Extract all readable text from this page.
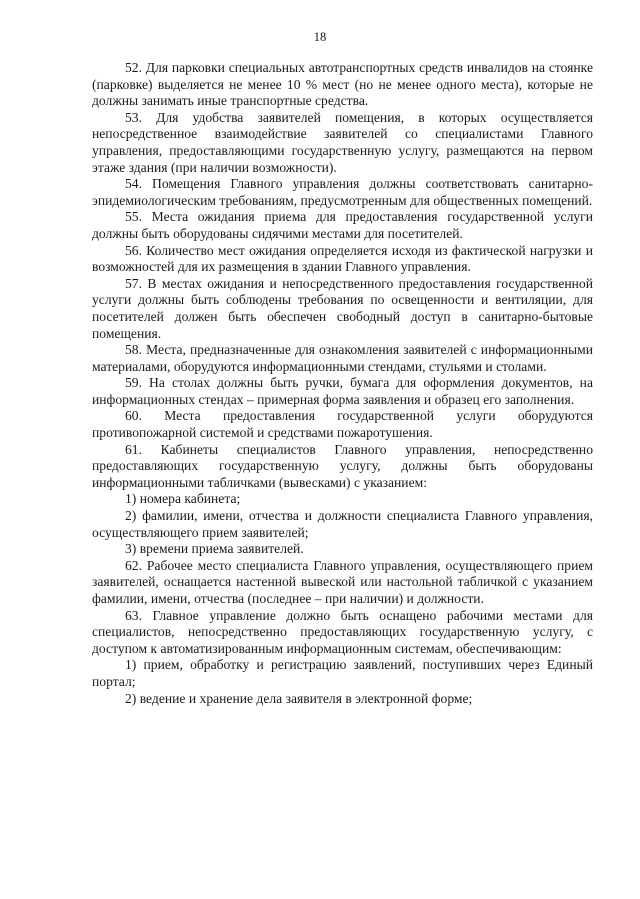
18

52. Для парковки специальных автотранспортных средств инвалидов на стоянке (парковке) выделяется не менее 10 % мест (но не менее одного места), которые не должны занимать иные транспортные средства.

53. Для удобства заявителей помещения, в которых осуществляется непосредственное взаимодействие заявителей со специалистами Главного управления, предоставляющими государственную услугу, размещаются на первом этаже здания (при наличии возможности).

54. Помещения Главного управления должны соответствовать санитарно-эпидемиологическим требованиям, предусмотренным для общественных помещений.

55. Места ожидания приема для предоставления государственной услуги должны быть оборудованы сидячими местами для посетителей.

56. Количество мест ожидания определяется исходя из фактической нагрузки и возможностей для их размещения в здании Главного управления.

57. В местах ожидания и непосредственного предоставления государственной услуги должны быть соблюдены требования по освещенности и вентиляции, для посетителей должен быть обеспечен свободный доступ в санитарно-бытовые помещения.

58. Места, предназначенные для ознакомления заявителей с информационными материалами, оборудуются информационными стендами, стульями и столами.

59. На столах должны быть ручки, бумага для оформления документов, на информационных стендах – примерная форма заявления и образец его заполнения.

60. Места предоставления государственной услуги оборудуются противопожарной системой и средствами пожаротушения.

61. Кабинеты специалистов Главного управления, непосредственно предоставляющих государственную услугу, должны быть оборудованы информационными табличками (вывесками) с указанием:

1) номера кабинета;

2) фамилии, имени, отчества и должности специалиста Главного управления, осуществляющего прием заявителей;

3) времени приема заявителей.

62. Рабочее место специалиста Главного управления, осуществляющего прием заявителей, оснащается настенной вывеской или настольной табличкой с указанием фамилии, имени, отчества (последнее – при наличии) и должности.

63. Главное управление должно быть оснащено рабочими местами для специалистов, непосредственно предоставляющих государственную услугу, с доступом к автоматизированным информационным системам, обеспечивающим:

1) прием, обработку и регистрацию заявлений, поступивших через Единый портал;

2) ведение и хранение дела заявителя в электронной форме;
